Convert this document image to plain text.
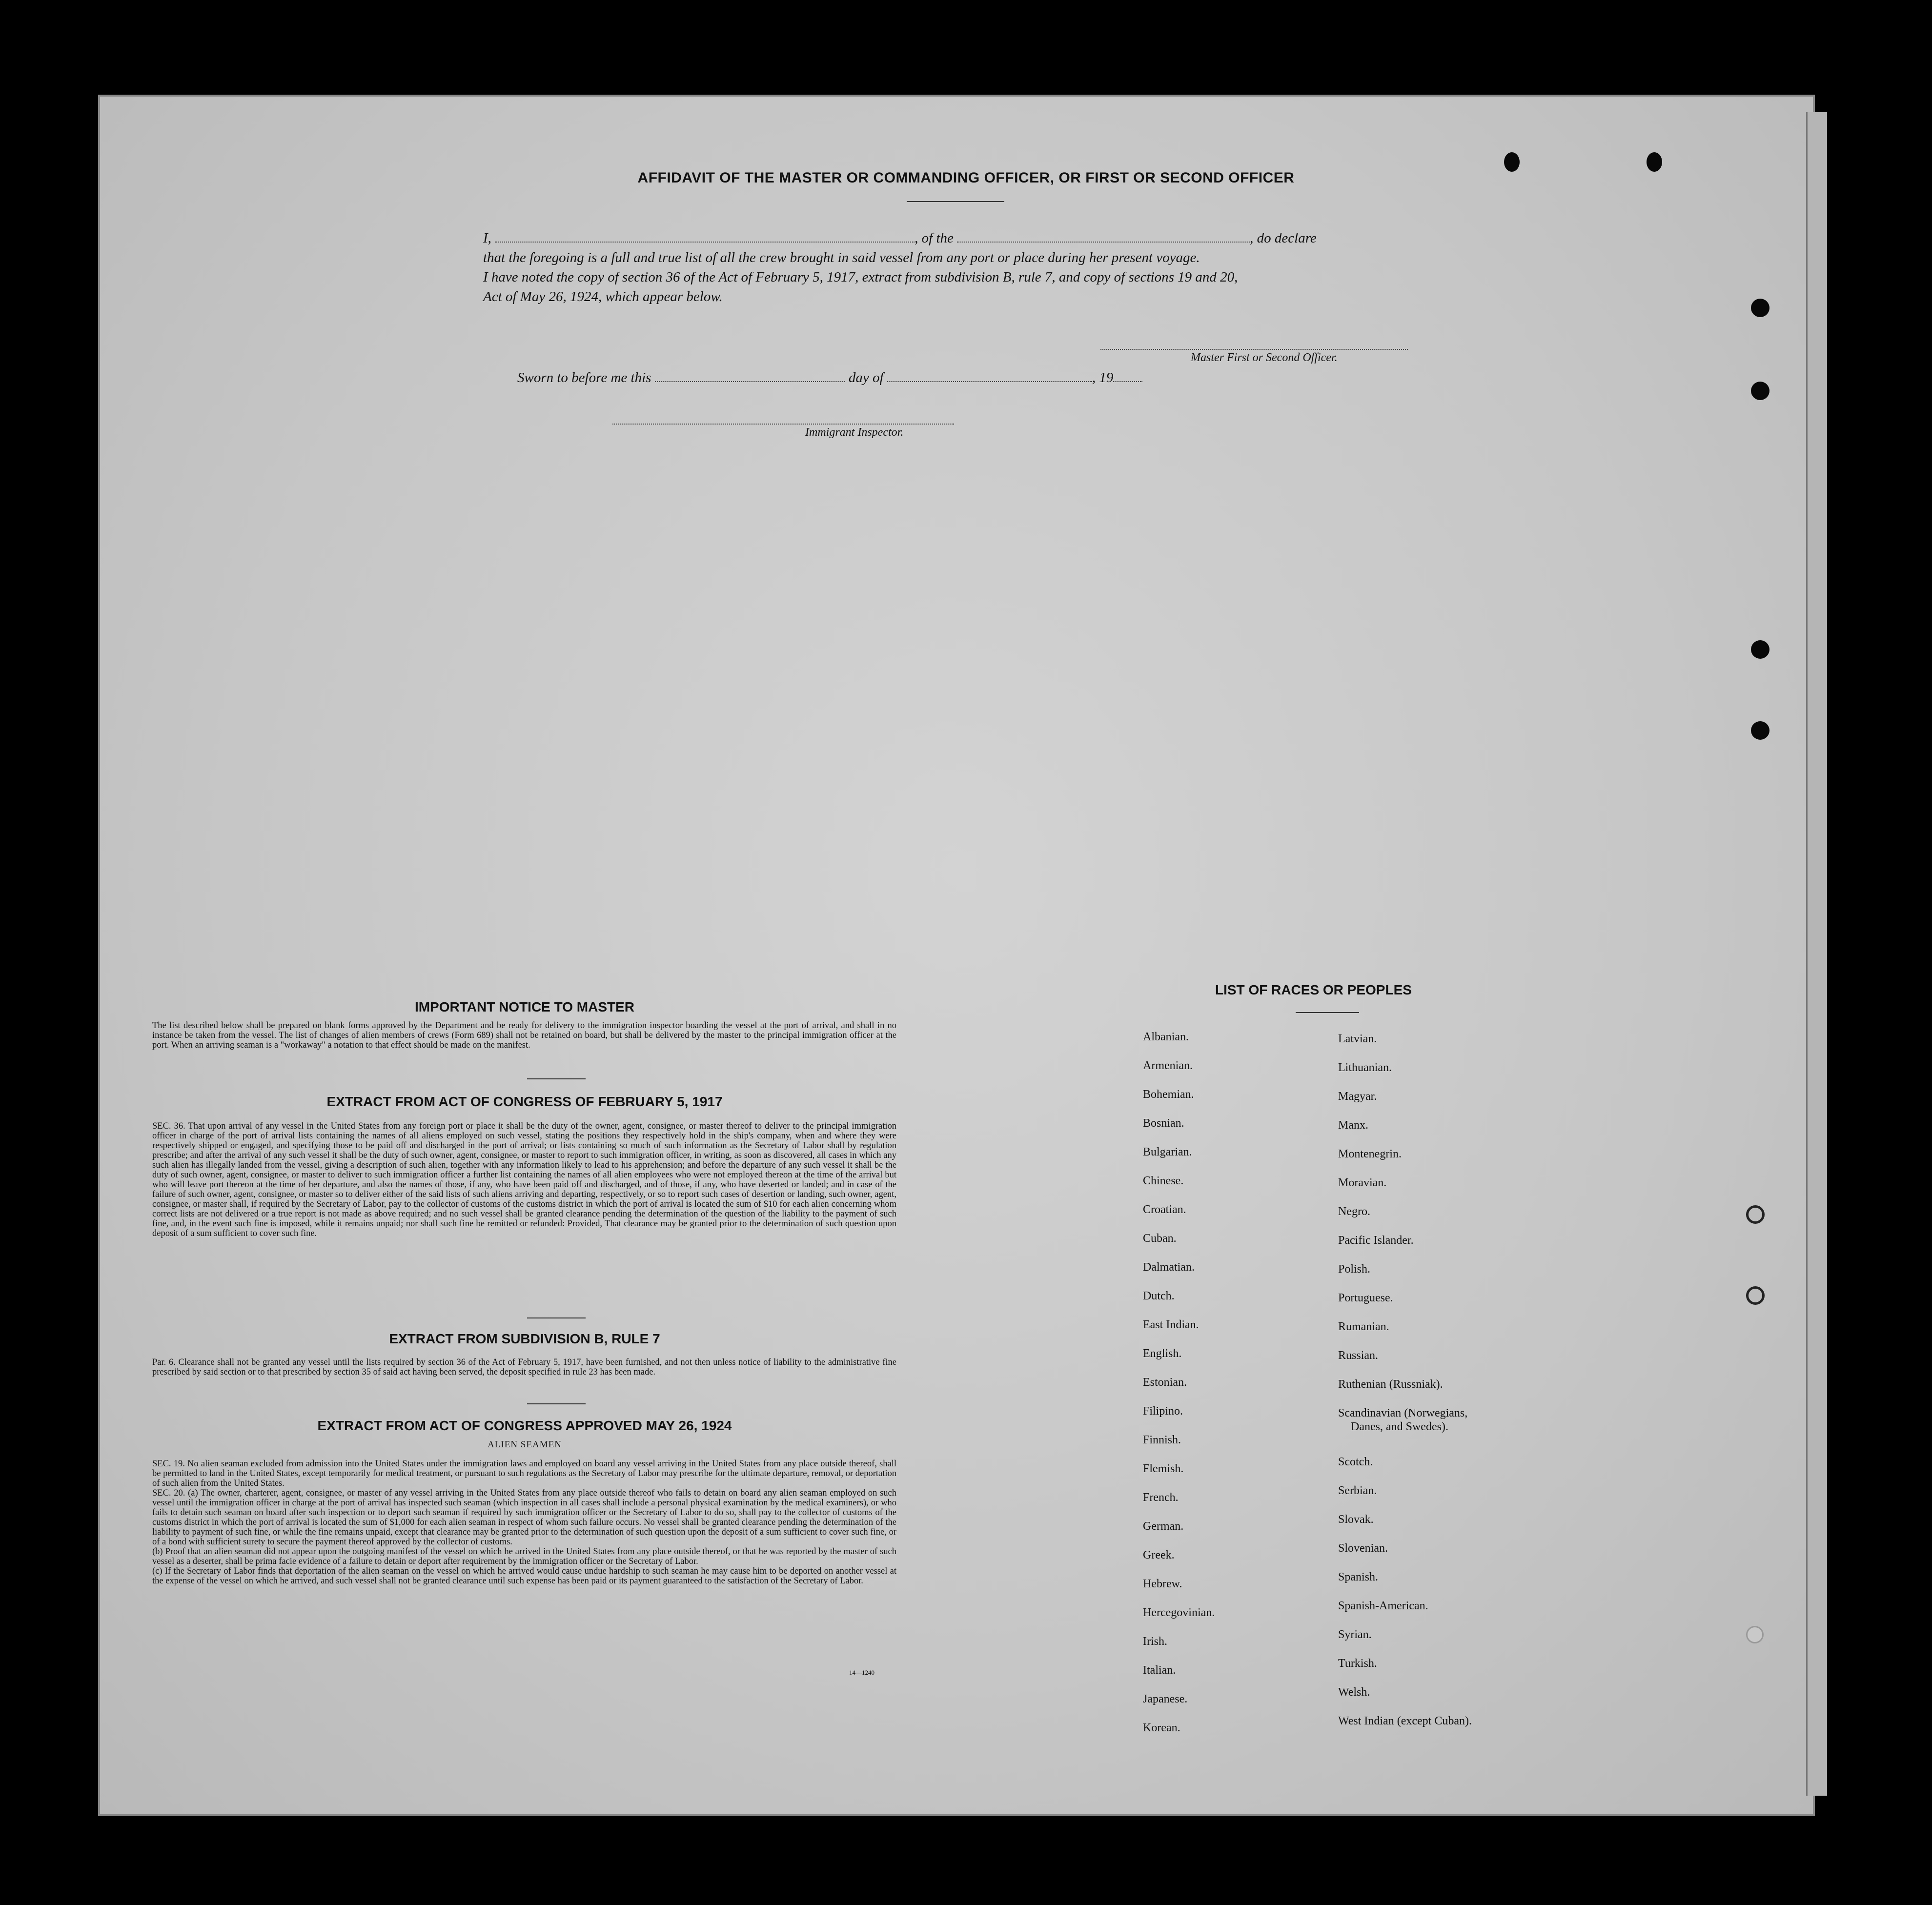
AFFIDAVIT OF THE MASTER OR COMMANDING OFFICER, OR FIRST OR SECOND OFFICER
I,	, of the	, do declare
that the foregoing is a full and true list of all the crew brought in said vessel from any port or place during her present voyage.
I have noted the copy of section 36 of the Act of February 5, 1917, extract from subdivision B, rule 7, and copy of sections 19 and 20,
Act of May 26, 1924, which appear below.
Master First or Second Officer.
Sworn to before me this	day of	, 19
Immigrant Inspector.
IMPORTANT NOTICE TO MASTER
The list described below shall be prepared on blank forms approved by the Department and be ready for delivery to the immigration inspector boarding the vessel at the port of arrival, and shall in no instance be taken from the vessel. The list of changes of alien members of crews (Form 689) shall not be retained on board, but shall be delivered by the master to the principal immigration officer at the port. When an arriving seaman is a "workaway" a notation to that effect should be made on the manifest.
EXTRACT FROM ACT OF CONGRESS OF FEBRUARY 5, 1917
SEC. 36. That upon arrival of any vessel in the United States from any foreign port or place it shall be the duty of the owner, agent, consignee, or master thereof to deliver to the principal immigration officer in charge of the port of arrival lists containing the names of all aliens employed on such vessel, stating the positions they respectively hold in the ship's company, when and where they were respectively shipped or engaged, and specifying those to be paid off and discharged in the port of arrival; or lists containing so much of such information as the Secretary of Labor shall by regulation prescribe; and after the arrival of any such vessel it shall be the duty of such owner, agent, consignee, or master to report to such immigration officer, in writing, as soon as discovered, all cases in which any such alien has illegally landed from the vessel, giving a description of such alien, together with any information likely to lead to his apprehension; and before the departure of any such vessel it shall be the duty of such owner, agent, consignee, or master to deliver to such immigration officer a further list containing the names of all alien employees who were not employed thereon at the time of the arrival but who will leave port thereon at the time of her departure, and also the names of those, if any, who have been paid off and discharged, and of those, if any, who have deserted or landed; and in case of the failure of such owner, agent, consignee, or master so to deliver either of the said lists of such aliens arriving and departing, respectively, or so to report such cases of desertion or landing, such owner, agent, consignee, or master shall, if required by the Secretary of Labor, pay to the collector of customs of the customs district in which the port of arrival is located the sum of $10 for each alien concerning whom correct lists are not delivered or a true report is not made as above required; and no such vessel shall be granted clearance pending the determination of the question of the liability to the payment of such fine, and, in the event such fine is imposed, while it remains unpaid; nor shall such fine be remitted or refunded: Provided, That clearance may be granted prior to the determination of such question upon deposit of a sum sufficient to cover such fine.
EXTRACT FROM SUBDIVISION B, RULE 7
Par. 6. Clearance shall not be granted any vessel until the lists required by section 36 of the Act of February 5, 1917, have been furnished, and not then unless notice of liability to the administrative fine prescribed by said section or to that prescribed by section 35 of said act having been served, the deposit specified in rule 23 has been made.
EXTRACT FROM ACT OF CONGRESS APPROVED MAY 26, 1924
ALIEN SEAMEN
SEC. 19. No alien seaman excluded from admission into the United States under the immigration laws and employed on board any vessel arriving in the United States from any place outside thereof, shall be permitted to land in the United States, except temporarily for medical treatment, or pursuant to such regulations as the Secretary of Labor may prescribe for the ultimate departure, removal, or deportation of such alien from the United States.
SEC. 20. (a) The owner, charterer, agent, consignee, or master of any vessel arriving in the United States from any place outside thereof who fails to detain on board any alien seaman employed on such vessel until the immigration officer in charge at the port of arrival has inspected such seaman (which inspection in all cases shall include a personal physical examination by the medical examiners), or who fails to detain such seaman on board after such inspection or to deport such seaman if required by such immigration officer or the Secretary of Labor to do so, shall pay to the collector of customs of the customs district in which the port of arrival is located the sum of $1,000 for each alien seaman in respect of whom such failure occurs. No vessel shall be granted clearance pending the determination of the liability to payment of such fine, or while the fine remains unpaid, except that clearance may be granted prior to the determination of such question upon the deposit of a sum sufficient to cover such fine, or of a bond with sufficient surety to secure the payment thereof approved by the collector of customs.
(b) Proof that an alien seaman did not appear upon the outgoing manifest of the vessel on which he arrived in the United States from any place outside thereof, or that he was reported by the master of such vessel as a deserter, shall be prima facie evidence of a failure to detain or deport after requirement by the immigration officer or the Secretary of Labor.
(c) If the Secretary of Labor finds that deportation of the alien seaman on the vessel on which he arrived would cause undue hardship to such seaman he may cause him to be deported on another vessel at the expense of the vessel on which he arrived, and such vessel shall not be granted clearance until such expense has been paid or its payment guaranteed to the satisfaction of the Secretary of Labor.
14—1240
LIST OF RACES OR PEOPLES
Albanian.
Armenian.
Bohemian.
Bosnian.
Bulgarian.
Chinese.
Croatian.
Cuban.
Dalmatian.
Dutch.
East Indian.
English.
Estonian.
Filipino.
Finnish.
Flemish.
French.
German.
Greek.
Hebrew.
Hercegovinian.
Irish.
Italian.
Japanese.
Korean.
Latvian.
Lithuanian.
Magyar.
Manx.
Montenegrin.
Moravian.
Negro.
Pacific Islander.
Polish.
Portuguese.
Rumanian.
Russian.
Ruthenian (Russniak).
Scandinavian (Norwegians,
Danes, and Swedes).
Scotch.
Serbian.
Slovak.
Slovenian.
Spanish.
Spanish-American.
Syrian.
Turkish.
Welsh.
West Indian (except Cuban).
